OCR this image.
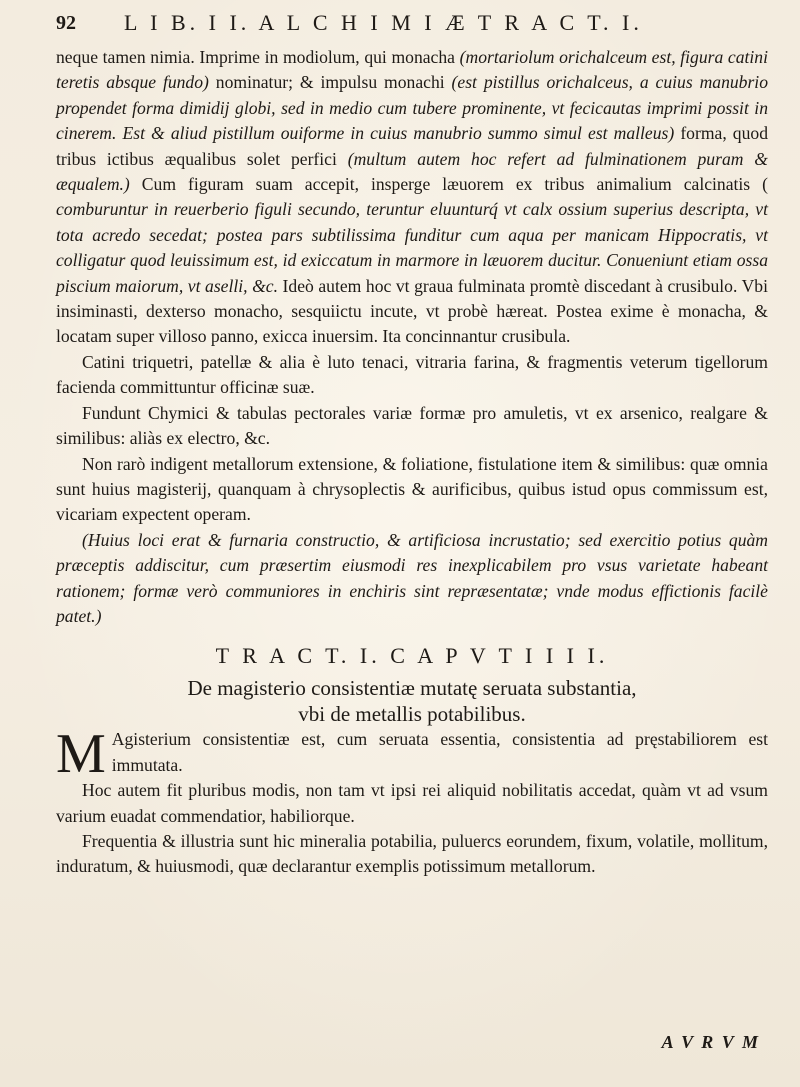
92 L I B. I I. A L C H I M I Æ T R A C T. I.

neque tamen nimia. Imprime in modiolum, qui monacha (mortariolum orichalceum est, figura catini teretis absque fundo) nominatur; & impulsu monachi (est pistillus orichalceus, a cuius manubrio propendet forma dimidij globi, sed in medio cum tubere prominente, vt fecicautas imprimi possit in cinerem. Est & aliud pistillum ouiforme in cuius manubrio summo simul est malleus) forma, quod tribus ictibus æqualibus solet perfici (multum autem hoc refert ad fulminationem puram & æqualem.) Cum figuram suam accepit, insperge læuorem ex tribus animalium calcinatis ( comburuntur in reuerberio figuli secundo, teruntur eluunturq́ vt calx ossium superius descripta, vt tota acredo secedat; postea pars subtilissima funditur cum aqua per manicam Hippocratis, vt colligatur quod leuissimum est, id exiccatum in marmore in læuorem ducitur. Conueniunt etiam ossa piscium maiorum, vt aselli, &c. Ideò autem hoc vt graua fulminata promtè discedant à crusibulo. Vbi insiminasti, dexterso monacho, sesquiictu incute, vt probè hæreat. Postea exime è monacha, & locatam super villoso panno, exicca inuersim. Ita concinnantur crusibula.

Catini triquetri, patellæ & alia è luto tenaci, vitraria farina, & fragmentis veterum tigellorum facienda committuntur officinæ suæ.

Fundunt Chymici & tabulas pectorales variæ formæ pro amuletis, vt ex arsenico, realgare & similibus: aliàs ex electro, &c.

Non rarò indigent metallorum extensione, & foliatione, fistulatione item & similibus: quæ omnia sunt huius magisterij, quanquam à chrysoplectis & aurificibus, quibus istud opus commissum est, vicariam expectent operam.

(Huius loci erat & furnaria constructio, & artificiosa incrustatio; sed exercitio potius quàm præceptis addiscitur, cum præsertim eiusmodi res inexplicabilem pro vsus varietate habeant rationem; formæ verò communiores in enchiris sint repræsentatæ; vnde modus effictionis facilè patet.)

T R A C T. I. C A P V T I I I I.
De magisterio consistentiæ mutatę seruata substantia,
vbi de metallis potabilibus.

M Agisterium consistentiæ est, cum seruata essentia, consistentia ad pręstabiliorem est immutata.

Hoc autem fit pluribus modis, non tam vt ipsi rei aliquid nobilitatis accedat, quàm vt ad vsum varium euadat commendatior, habiliorque.

Frequentia & illustria sunt hic mineralia potabilia, puluercs eorundem, fixum, volatile, mollitum, induratum, & huiusmodi, quæ declarantur exemplis potissimum metallorum.

A V R V M
